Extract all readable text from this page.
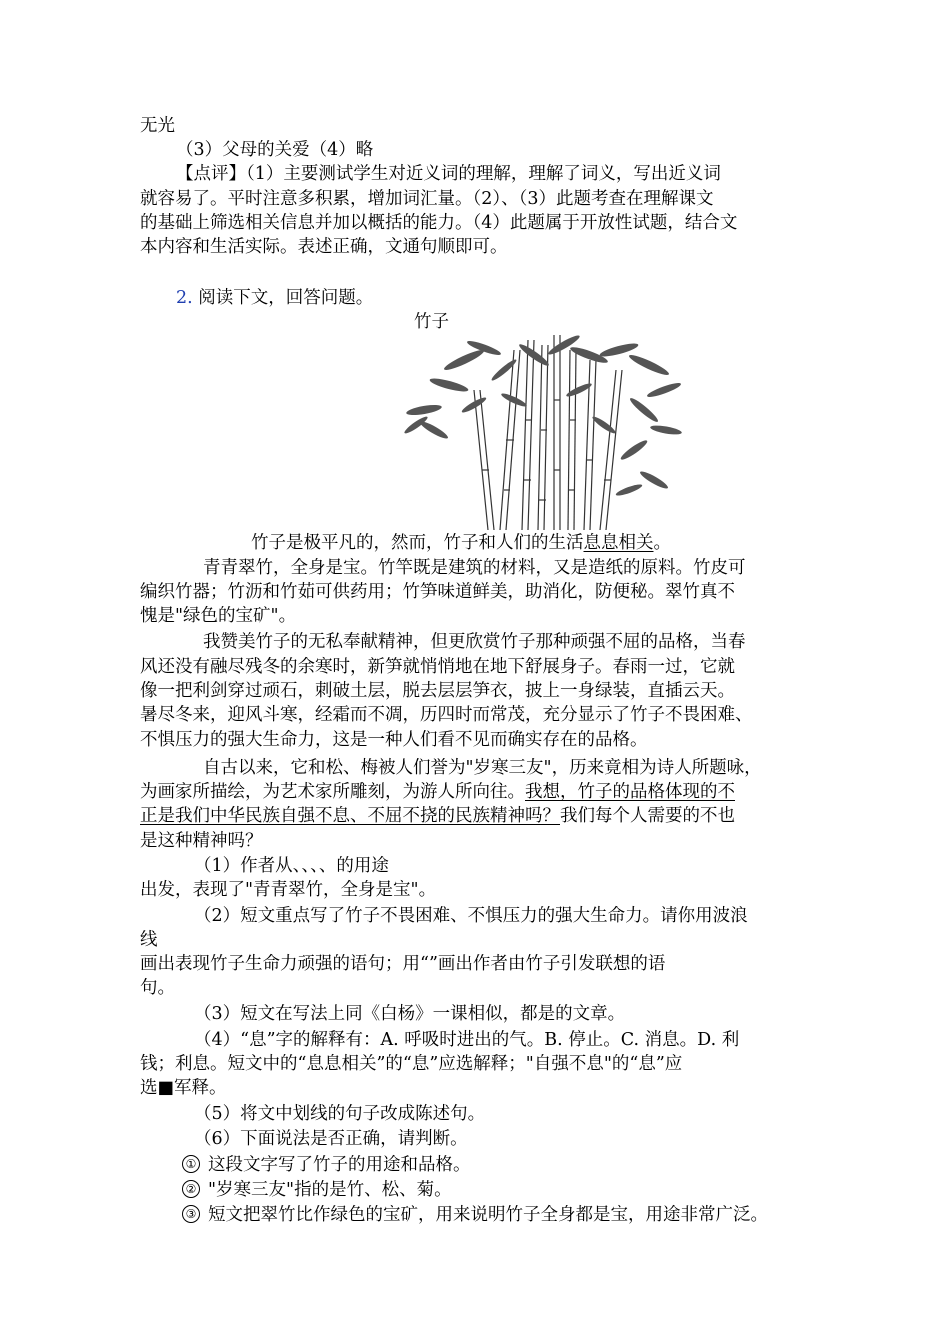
无光
（3）父母的关爱（4）略
【点评】（1）主要测试学生对近义词的理解，理解了词义，写出近义词
就容易了。平时注意多积累，增加词汇量。（2）、（3）此题考查在理解课文
的基础上筛选相关信息并加以概括的能力。（4）此题属于开放性试题，结合文
本内容和生活实际。表述正确，文通句顺即可。
2. 阅读下文，回答问题。
竹子
竹子是极平凡的，然而，竹子和人们的生活息息相关。
青青翠竹，全身是宝。竹竿既是建筑的材料，又是造纸的原料。竹皮可
编织竹器；竹沥和竹茹可供药用；竹笋味道鲜美，助消化，防便秘。翠竹真不
愧是"绿色的宝矿"。
我赞美竹子的无私奉献精神，但更欣赏竹子那种顽强不屈的品格，当春
风还没有融尽残冬的余寒时，新笋就悄悄地在地下舒展身子。春雨一过，它就
像一把利剑穿过顽石，刺破土层，脱去层层笋衣，披上一身绿装，直插云天。
暑尽冬来，迎风斗寒，经霜而不凋，历四时而常茂，充分显示了竹子不畏困难、
不惧压力的强大生命力，这是一种人们看不见而确实存在的品格。
自古以来，它和松、梅被人们誉为"岁寒三友"，历来竟相为诗人所题咏，
为画家所描绘，为艺术家所雕刻，为游人所向往。我想，竹子的品格体现的不
正是我们中华民族自强不息、不屈不挠的民族精神吗？我们每个人需要的不也
是这种精神吗？
（1）作者从、、、、的用途
出发，表现了"青青翠竹，全身是宝"。
（2）短文重点写了竹子不畏困难、不惧压力的强大生命力。请你用波浪
线
画出表现竹子生命力顽强的语句；用“”画出作者由竹子引发联想的语
句。
（3）短文在写法上同《白杨》一课相似，都是的文章。
（4）“息”字的解释有：A. 呼吸时进出的气。B. 停止。C. 消息。D. 利
钱；利息。短文中的“息息相关”的“息”应选解释；"自强不息"的“息”应
选■军释。
（5）将文中划线的句子改成陈述句。
（6）下面说法是否正确，请判断。
① 这段文字写了竹子的用途和品格。
② "岁寒三友"指的是竹、松、菊。
③ 短文把翠竹比作绿色的宝矿，用来说明竹子全身都是宝，用途非常广泛。
